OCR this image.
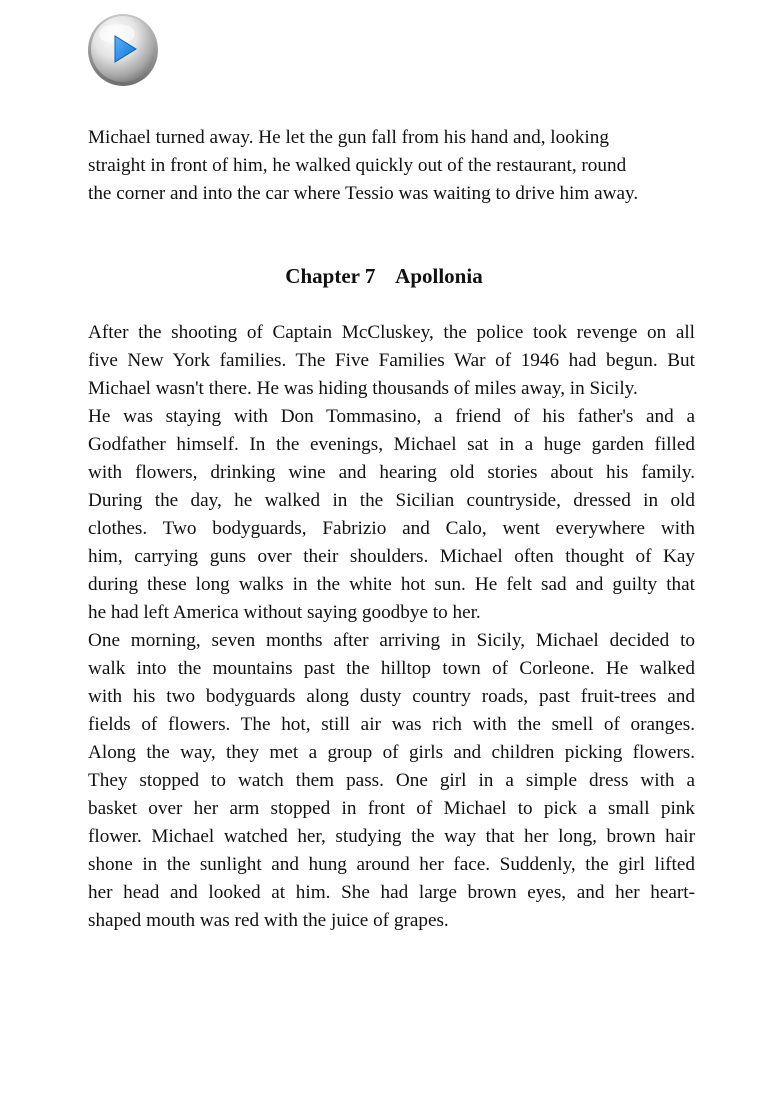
Michael turned away. He let the gun fall from his hand and, looking

straight in front of him, he walked quickly out of the restaurant, round

the corner and into the car where Tessio was waiting to drive him away.

Chapter 7 Apollonia
After the shooting of Captain McCluskey, the police took revenge on all
five New York families. The Five Families War of 1946 had begun. But
Michael wasn't there. He was hiding thousands of miles away, in Sicily.
He was staying with Don Tommasino, a friend of his father's and a
Godfather himself. In the evenings, Michael sat in a huge garden filled
with flowers, drinking wine and hearing old stories about his family.
During the day, he walked in the Sicilian countryside, dressed in old
clothes. Two bodyguards, Fabrizio and Calo, went everywhere with
him, carrying guns over their shoulders. Michael often thought of Kay
during these long walks in the white hot sun. He felt sad and guilty that
he had left America without saying goodbye to her.
One morning, seven months after arriving in Sicily, Michael decided to
walk into the mountains past the hilltop town of Corleone. He walked
with his two bodyguards along dusty country roads, past fruit-trees and
fields of flowers. The hot, still air was rich with the smell of oranges.
Along the way, they met a group of girls and children picking flowers.
They stopped to watch them pass. One girl in a simple dress with a
basket over her arm stopped in front of Michael to pick a small pink
flower. Michael watched her, studying the way that her long, brown hair
shone in the sunlight and hung around her face. Suddenly, the girl lifted
her head and looked at him. She had large brown eyes, and her heart-
shaped mouth was red with the juice of grapes.
